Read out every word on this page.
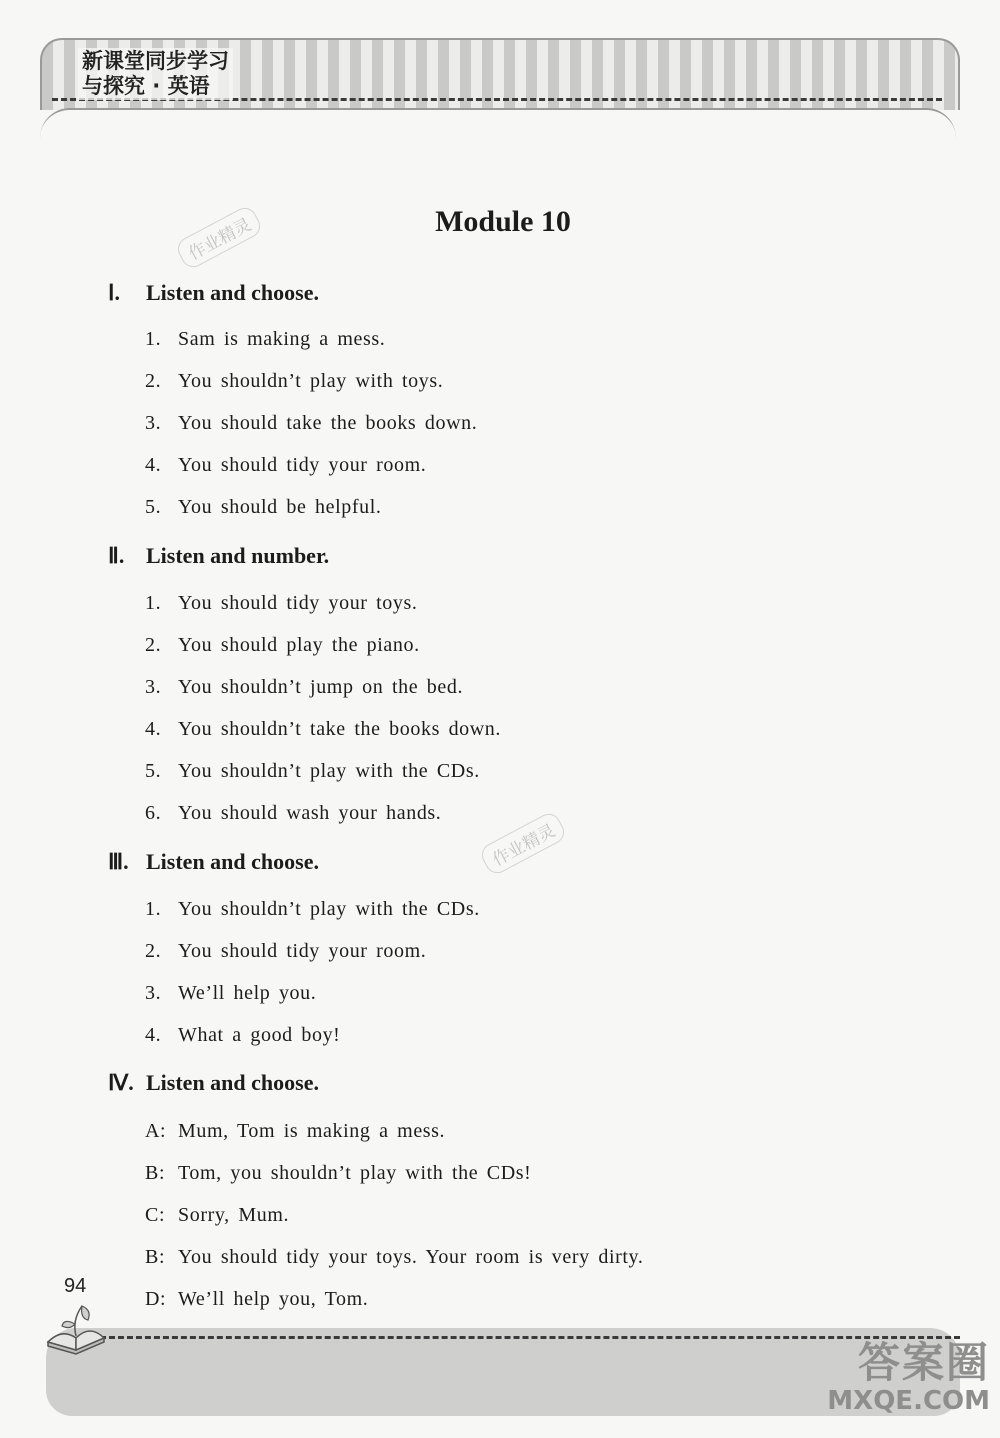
新课堂同步学习
与探究 · 英语
作业精灵
作业精灵
Module 10
Ⅰ. Listen and choose.
1. Sam is making a mess.
2. You shouldn’t play with toys.
3. You should take the books down.
4. You should tidy your room.
5. You should be helpful.
Ⅱ. Listen and number.
1. You should tidy your toys.
2. You should play the piano.
3. You shouldn’t jump on the bed.
4. You shouldn’t take the books down.
5. You shouldn’t play with the CDs.
6. You should wash your hands.
Ⅲ. Listen and choose.
1. You shouldn’t play with the CDs.
2. You should tidy your room.
3. We’ll help you.
4. What a good boy!
Ⅳ. Listen and choose.
A: Mum, Tom is making a mess.
B: Tom, you shouldn’t play with the CDs!
C: Sorry, Mum.
B: You should tidy your toys. Your room is very dirty.
D: We’ll help you, Tom.
94
答案圈
MXQE.COM
